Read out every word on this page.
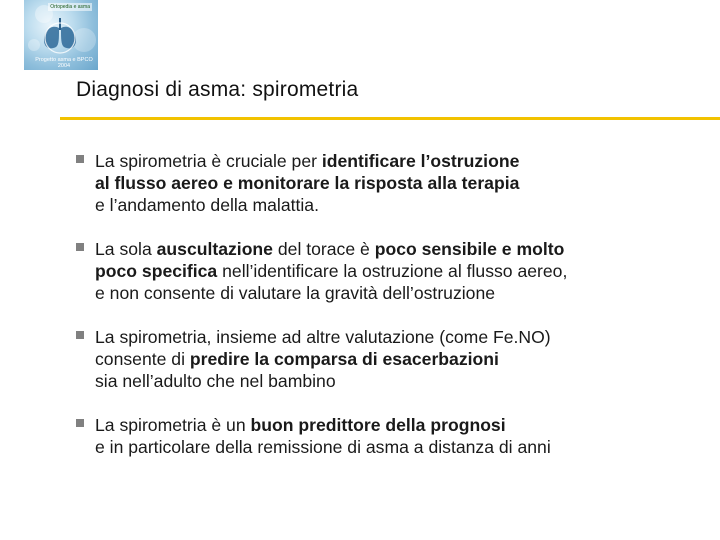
Ortopedia e asma
Progetto asma e BPCO 2004
Diagnosi di asma: spirometria
La spirometria è cruciale per identificare l’ostruzione
al flusso aereo e monitorare la risposta alla terapia
e l’andamento della malattia.
La sola auscultazione del torace è poco sensibile e molto
poco specifica nell’identificare la ostruzione al flusso aereo,
e non consente di valutare la gravità dell’ostruzione
La spirometria, insieme ad altre valutazione (come Fe.NO)
consente di predire la comparsa di esacerbazioni
sia nell’adulto che nel bambino
La spirometria è un buon predittore della prognosi
e in particolare della remissione di asma a distanza di anni
